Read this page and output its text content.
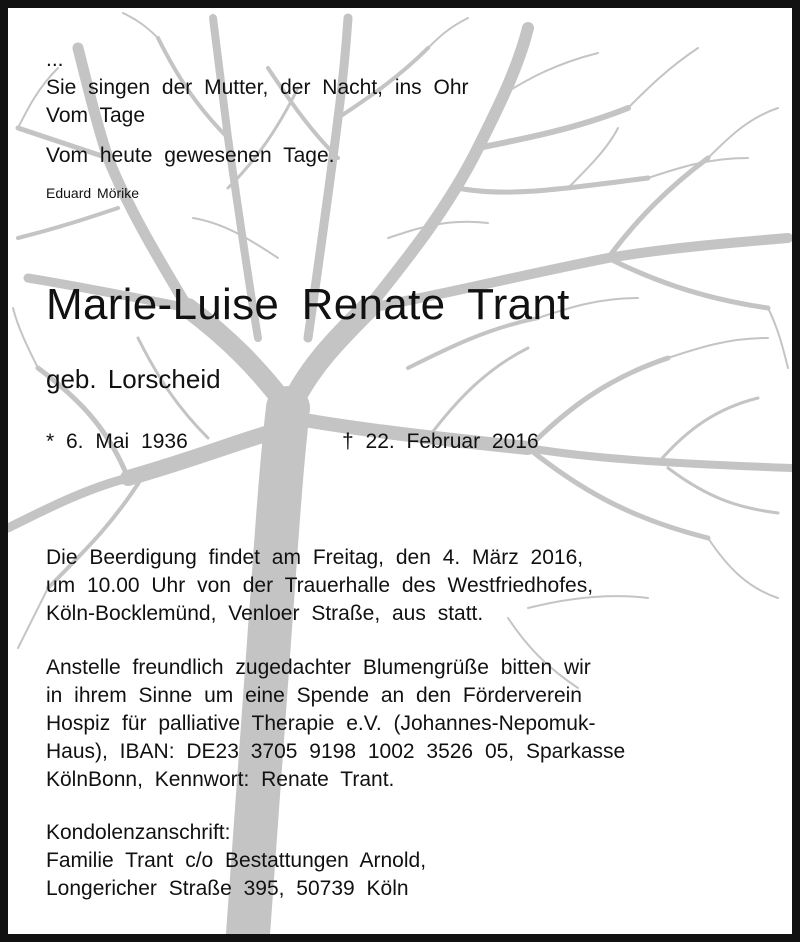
...
Sie singen der Mutter, der Nacht, ins Ohr
Vom Tage
Vom heute gewesenen Tage.
Eduard Mörike
Marie-Luise Renate Trant
geb. Lorscheid
* 6. Mai 1936	† 22. Februar 2016
Die Beerdigung findet am Freitag, den 4. März 2016,
um 10.00 Uhr von der Trauerhalle des Westfriedhofes,
Köln-Bocklemünd, Venloer Straße, aus statt.
Anstelle freundlich zugedachter Blumengrüße bitten wir
in ihrem Sinne um eine Spende an den Förderverein
Hospiz für palliative Therapie e.V. (Johannes-Nepomuk-
Haus), IBAN: DE23 3705 9198 1002 3526 05, Sparkasse
KölnBonn, Kennwort: Renate Trant.
Kondolenzanschrift:
Familie Trant c/o Bestattungen Arnold,
Longericher Straße 395, 50739 Köln
